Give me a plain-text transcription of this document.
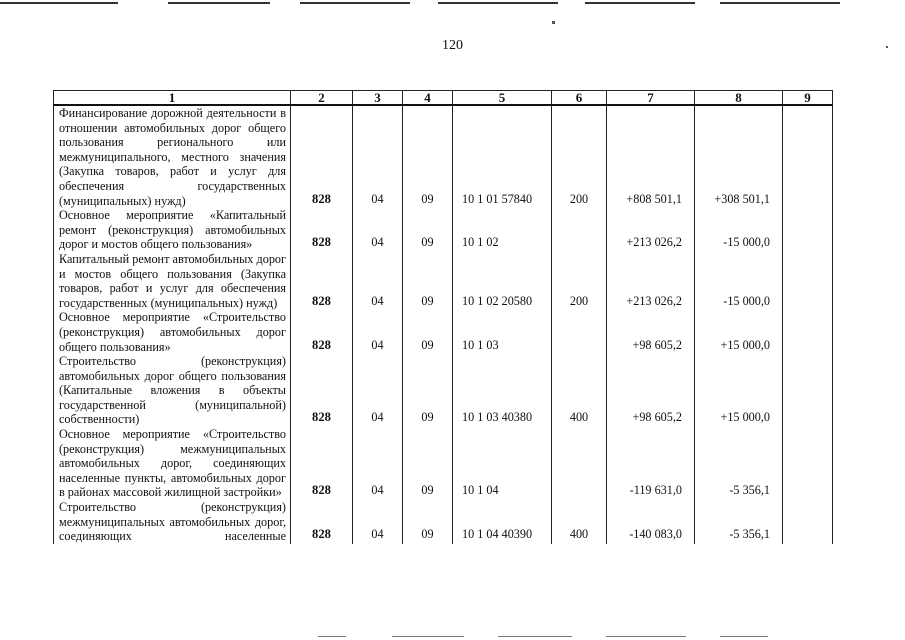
120
1	2	3	4	5	6	7	8	9

Финансирование дорожной деятельности в отношении автомобильных дорог общего пользования регионального или межмуниципального, местного значения (Закупка товаров, работ и услуг для обеспечения государственных (муниципальных) нужд)	828	04	09	10 1 01 57840	200	+808 501,1	+308 501,1	

Основное мероприятие «Капитальный ремонт (реконструкция) автомобильных дорог и мостов общего пользования»	828	04	09	10 1 02		+213 026,2	-15 000,0	

Капитальный ремонт автомобильных дорог и мостов общего пользования (Закупка товаров, работ и услуг для обеспечения государственных (муниципальных) нужд)	828	04	09	10 1 02 20580	200	+213 026,2	-15 000,0	

Основное мероприятие «Строительство (реконструкция) автомобильных дорог общего пользования»	828	04	09	10 1 03		+98 605,2	+15 000,0	

Строительство (реконструкция) автомобильных дорог общего пользования (Капитальные вложения в объекты государственной (муниципальной) собственности)	828	04	09	10 1 03 40380	400	+98 605,2	+15 000,0	

Основное мероприятие «Строительство (реконструкция) межмуниципальных автомобильных дорог, соединяющих населенные пункты, автомобильных дорог в районах массовой жилищной застройки»	828	04	09	10 1 04		-119 631,0	-5 356,1	

Строительство (реконструкция) межмуниципальных автомобильных дорог, соединяющих населенные	828	04	09	10 1 04 40390	400	-140 083,0	-5 356,1	
